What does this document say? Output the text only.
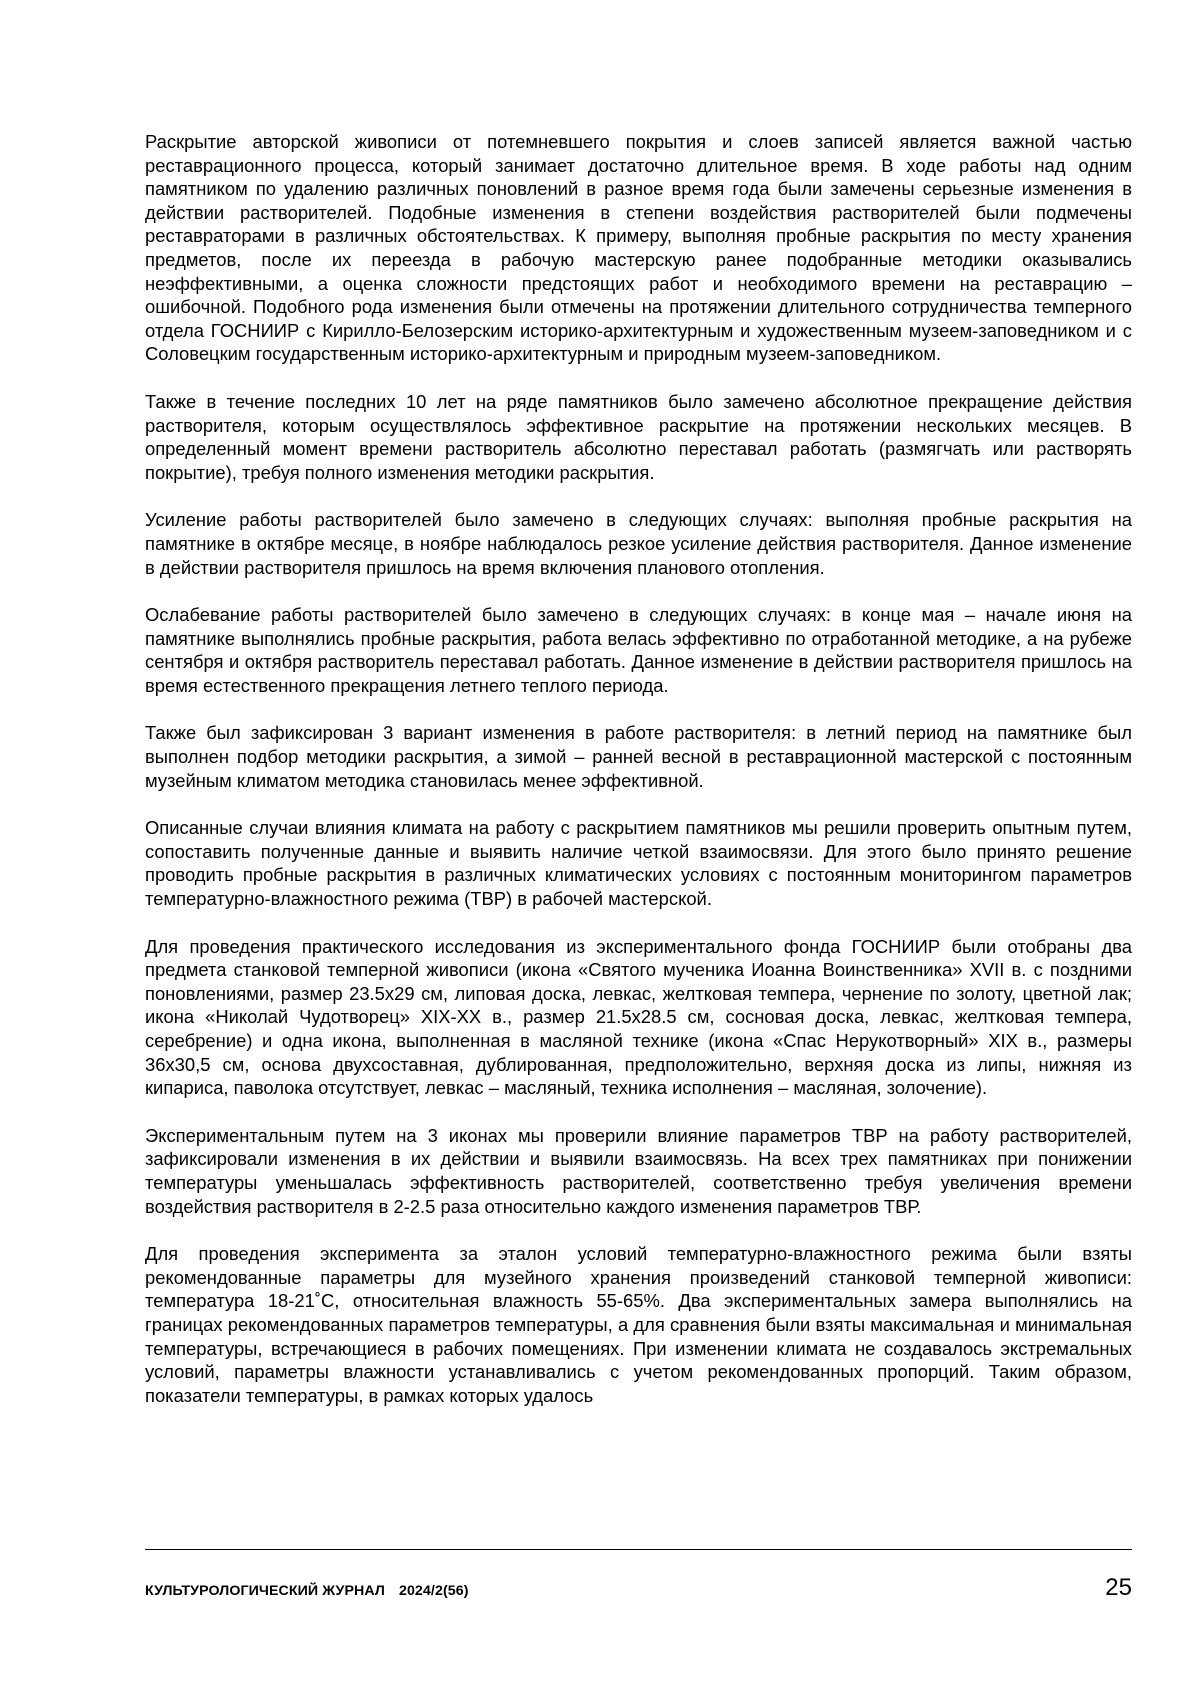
Раскрытие авторской живописи от потемневшего покрытия и слоев записей является важной частью реставрационного процесса, который занимает достаточно длительное время. В ходе работы над одним памятником по удалению различных поновлений в разное время года были замечены серьезные изменения в действии растворителей. Подобные изменения в степени воздействия растворителей были подмечены реставраторами в различных обстоятельствах. К примеру, выполняя пробные раскрытия по месту хранения предметов, после их переезда в рабочую мастерскую ранее подобранные методики оказывались неэффективными, а оценка сложности предстоящих работ и необходимого времени на реставрацию – ошибочной. Подобного рода изменения были отмечены на протяжении длительного сотрудничества темперного отдела ГОСНИИР с Кирилло-Белозерским историко-архитектурным и художественным музеем-заповедником и с Соловецким государственным историко-архитектурным и природным музеем-заповедником.

Также в течение последних 10 лет на ряде памятников было замечено абсолютное прекращение действия растворителя, которым осуществлялось эффективное раскрытие на протяжении нескольких месяцев. В определенный момент времени растворитель абсолютно переставал работать (размягчать или растворять покрытие), требуя полного изменения методики раскрытия.

Усиление работы растворителей было замечено в следующих случаях: выполняя пробные раскрытия на памятнике в октябре месяце, в ноябре наблюдалось резкое усиление действия растворителя. Данное изменение в действии растворителя пришлось на время включения планового отопления.

Ослабевание работы растворителей было замечено в следующих случаях: в конце мая – начале июня на памятнике выполнялись пробные раскрытия, работа велась эффективно по отработанной методике, а на рубеже сентября и октября растворитель переставал работать. Данное изменение в действии растворителя пришлось на время естественного прекращения летнего теплого периода.

Также был зафиксирован 3 вариант изменения в работе растворителя: в летний период на памятнике был выполнен подбор методики раскрытия, а зимой – ранней весной в реставрационной мастерской с постоянным музейным климатом методика становилась менее эффективной.

Описанные случаи влияния климата на работу с раскрытием памятников мы решили проверить опытным путем, сопоставить полученные данные и выявить наличие четкой взаимосвязи. Для этого было принято решение проводить пробные раскрытия в различных климатических условиях с постоянным мониторингом параметров температурно-влажностного режима (ТВР) в рабочей мастерской.

Для проведения практического исследования из экспериментального фонда ГОСНИИР были отобраны два предмета станковой темперной живописи (икона «Святого мученика Иоанна Воинственника» XVII в. с поздними поновлениями, размер 23.5х29 см, липовая доска, левкас, желтковая темпера, чернение по золоту, цветной лак; икона «Николай Чудотворец» XIX-XX в., размер 21.5х28.5 см, сосновая доска, левкас, желтковая темпера, серебрение) и одна икона, выполненная в масляной технике (икона «Спас Нерукотворный» XIX в., размеры 36х30,5 см, основа двухсоставная, дублированная, предположительно, верхняя доска из липы, нижняя из кипариса, паволока отсутствует, левкас – масляный, техника исполнения – масляная, золочение).

Экспериментальным путем на 3 иконах мы проверили влияние параметров ТВР на работу растворителей, зафиксировали изменения в их действии и выявили взаимосвязь. На всех трех памятниках при понижении температуры уменьшалась эффективность растворителей, соответственно требуя увеличения времени воздействия растворителя в 2-2.5 раза относительно каждого изменения параметров ТВР.

Для проведения эксперимента за эталон условий температурно-влажностного режима были взяты рекомендованные параметры для музейного хранения произведений станковой темперной живописи: температура 18-21˚С, относительная влажность 55-65%. Два экспериментальных замера выполнялись на границах рекомендованных параметров температуры, а для сравнения были взяты максимальная и минимальная температуры, встречающиеся в рабочих помещениях. При изменении климата не создавалось экстремальных условий, параметры влажности устанавливались с учетом рекомендованных пропорций. Таким образом, показатели температуры, в рамках которых удалось

КУЛЬТУРОЛОГИЧЕСКИЙ ЖУРНАЛ 2024/2(56)	25
